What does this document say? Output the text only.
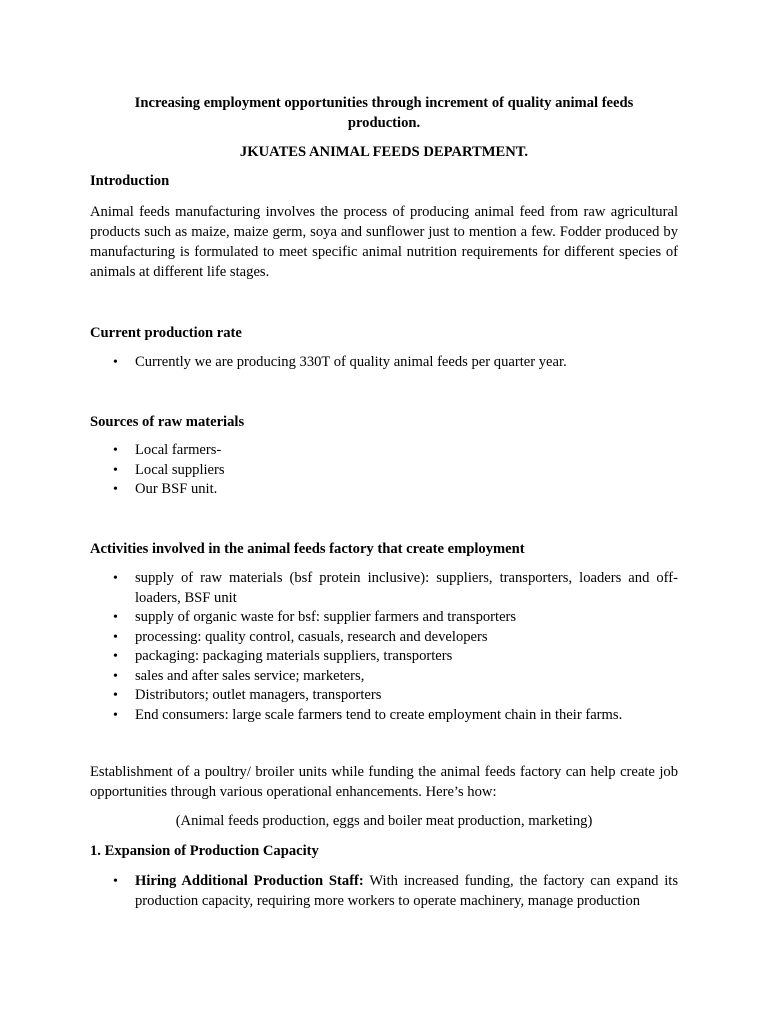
Increasing employment opportunities through increment of quality animal feeds production.
JKUATES ANIMAL FEEDS DEPARTMENT.
Introduction
Animal feeds manufacturing involves the process of producing animal feed from raw agricultural products such as maize, maize germ, soya and sunflower just to mention a few. Fodder produced by manufacturing is formulated to meet specific animal nutrition requirements for different species of animals at different life stages.
Current production rate
• Currently we are producing 330T of quality animal feeds per quarter year.
Sources of raw materials
• Local farmers-
• Local suppliers
• Our BSF unit.
Activities involved in the animal feeds factory that create employment
• supply of raw materials (bsf protein inclusive): suppliers, transporters, loaders and off-loaders, BSF unit
• supply of organic waste for bsf: supplier farmers and transporters
• processing: quality control, casuals, research and developers
• packaging: packaging materials suppliers, transporters
• sales and after sales service; marketers,
• Distributors; outlet managers, transporters
• End consumers: large scale farmers tend to create employment chain in their farms.
Establishment of a poultry/ broiler units while funding the animal feeds factory can help create job opportunities through various operational enhancements. Here’s how:
(Animal feeds production, eggs and boiler meat production, marketing)
1. Expansion of Production Capacity
• Hiring Additional Production Staff: With increased funding, the factory can expand its production capacity, requiring more workers to operate machinery, manage production
